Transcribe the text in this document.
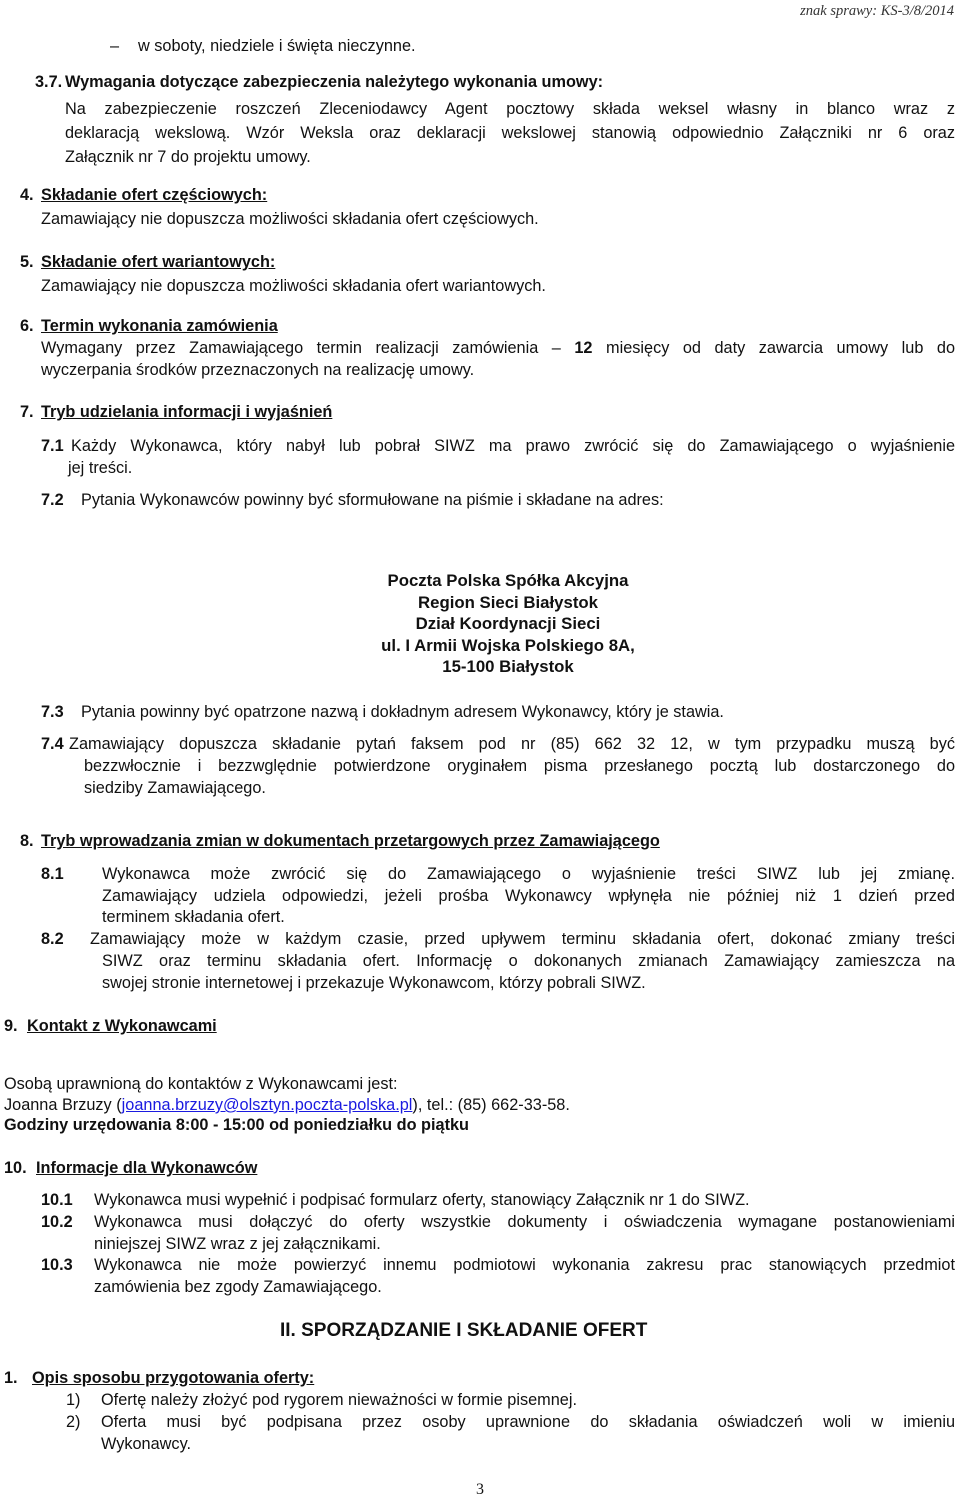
znak sprawy: KS-3/8/2014
– w soboty, niedziele i święta nieczynne.
3.7. Wymagania dotyczące zabezpieczenia należytego wykonania umowy:
Na zabezpieczenie roszczeń Zleceniodawcy Agent pocztowy składa weksel własny in blanco wraz z
deklaracją wekslową. Wzór Weksla oraz deklaracji wekslowej stanowią odpowiednio Załączniki nr 6 oraz
Załącznik nr 7 do projektu umowy.
4. Składanie ofert częściowych:
Zamawiający nie dopuszcza możliwości składania ofert częściowych.
5. Składanie ofert wariantowych:
Zamawiający nie dopuszcza możliwości składania ofert wariantowych.
6. Termin wykonania zamówienia
Wymagany przez Zamawiającego termin realizacji zamówienia – 12 miesięcy od daty zawarcia umowy lub do
wyczerpania środków przeznaczonych na realizację umowy.
7. Tryb udzielania informacji i wyjaśnień
7.1 Każdy Wykonawca, który nabył lub pobrał SIWZ ma prawo zwrócić się do Zamawiającego o wyjaśnienie
jej treści.
7.2 Pytania Wykonawców powinny być sformułowane na piśmie i składane na adres:
Poczta Polska Spółka Akcyjna
Region Sieci Białystok
Dział Koordynacji Sieci
ul. I Armii Wojska Polskiego 8A,
15-100 Białystok
7.3 Pytania powinny być opatrzone nazwą i dokładnym adresem Wykonawcy, który je stawia.
7.4 Zamawiający dopuszcza składanie pytań faksem pod nr (85) 662 32 12, w tym przypadku muszą być
bezzwłocznie i bezzwględnie potwierdzone oryginałem pisma przesłanego pocztą lub dostarczonego do
siedziby Zamawiającego.
8. Tryb wprowadzania zmian w dokumentach przetargowych przez Zamawiającego
8.1 Wykonawca może zwrócić się do Zamawiającego o wyjaśnienie treści SIWZ lub jej zmianę.
Zamawiający udziela odpowiedzi, jeżeli prośba Wykonawcy wpłynęła nie później niż 1 dzień przed
terminem składania ofert.
8.2 Zamawiający może w każdym czasie, przed upływem terminu składania ofert, dokonać zmiany treści
SIWZ oraz terminu składania ofert. Informację o dokonanych zmianach Zamawiający zamieszcza na
swojej stronie internetowej i przekazuje Wykonawcom, którzy pobrali SIWZ.
9. Kontakt z Wykonawcami
Osobą uprawnioną do kontaktów z Wykonawcami jest:
Joanna Brzuzy (joanna.brzuzy@olsztyn.poczta-polska.pl), tel.: (85) 662-33-58.
Godziny urzędowania 8:00 - 15:00 od poniedziałku do piątku
10. Informacje dla Wykonawców
10.1 Wykonawca musi wypełnić i podpisać formularz oferty, stanowiący Załącznik nr 1 do SIWZ.
10.2 Wykonawca musi dołączyć do oferty wszystkie dokumenty i oświadczenia wymagane postanowieniami
niniejszej SIWZ wraz z jej załącznikami.
10.3 Wykonawca nie może powierzyć innemu podmiotowi wykonania zakresu prac stanowiących przedmiot
zamówienia bez zgody Zamawiającego.
II. SPORZĄDZANIE I SKŁADANIE OFERT
1. Opis sposobu przygotowania oferty:
1) Ofertę należy złożyć pod rygorem nieważności w formie pisemnej.
2) Oferta musi być podpisana przez osoby uprawnione do składania oświadczeń woli w imieniu
Wykonawcy.
3
